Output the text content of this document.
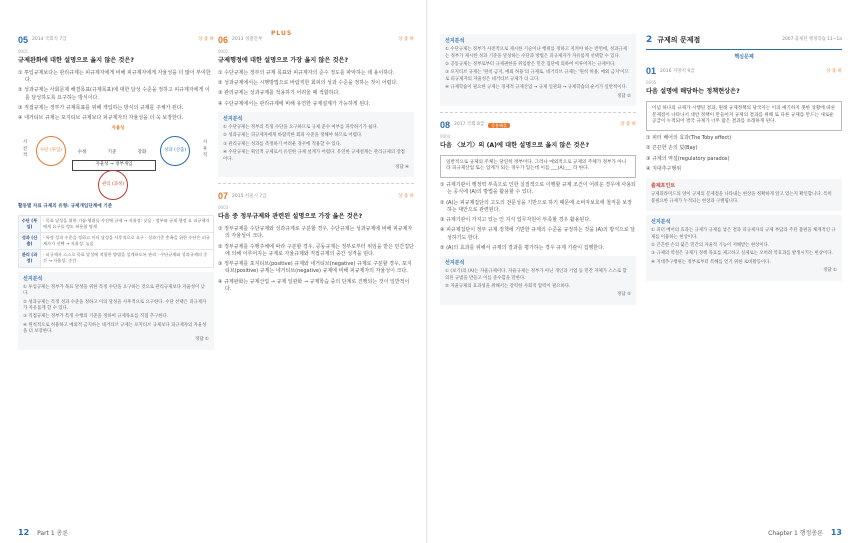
PLUS
05 2014 국회직 7급	상 중 하
0001
규제완화에 대한 설명으로 옳지 않은 것은?
① 투입규제보다는 관리규제는 피규제자에게 비해 피규제자에게 자율성을 더 많이 부여한다.
② 성과규제는 사회문제 해결목표(규제목표)에 대한 달성 수준을 정하고 피규제자에게 이를 달성하도록 요구하는 방식이다.
③ 직접규제는 정부가 규제목표를 위해 개입하는 방식의 규제를 주체가 된다.
④ 네거티브 규제는 포지티브 규제보다 피규제자의 자율성을 더 욱 보장한다.
자율성
사 전 적
사 후 적
수단 (투입)	성과 (산출)
수정	기준	강화
자율성 → 정부개입
관리 (과정)
활동별 자료 규제의 유형: 규제개입단계에 기준
수단 (투입)	· 목표 달성을 위한 기술·행위를 사전에 규제 → 자율성: 낮음 · 정부와 규제 행정 요 피규제자에게 요구를 정도 허용함 명세
성과 (산출)	· 특정 성과 수준을 정하고 이의 달성을 사후적으로 요구 · 성과기준 충족을 위한 수단은 피규제자가 선택 → 자율성: 높음
관리 (과정)	· 피규제자 스스로 목표 달성에 적합한 방법을 설계하도록 관리 · 수단규제와 성과규제의 중간 → 자율성: 중간
선지분석

① 투입규제는 정부가 목표 달성을 위한 특정 수단을 요구하는 것으로 관리규제보다 자율성이 낮다.

② 성과규제는 특정 성과 수준을 정하고 이의 달성을 사후적으로 요구한다. 수단 선택은 피규제자가 자유롭게 할 수 있다.

③ 직접규제는 정부가 특정 수행의 기준을 정하여 규제목표를 직접 추구한다.

④ 원칙적으로 허용하고 예외적 금지하는 네거티브 규제는 포지티브 규제보다 피규제자의 자율성을 더 보장한다.

정답 ①

06 2013 경찰간부	상 중 하
0002
규제행정에 대한 설명으로 가장 옳지 않은 것은?
① 수단규제는 정부의 규제 목표와 피규제자의 준수 정도를 파악하는 데 용이하다.
② 성과규제에서는 시행방법으로 바람직한 회피의 성과 수준을 정하는 것이 어렵다.
③ 관리규제는 성과규제를 적용하기 어려울 때 적합하다.
④ 수단규제에서는 관리규제에 비해 유연한 규제설계가 가능하게 된다.
선지분석

① 수단규제는 정부의 특정 수단을 요구하므로 규제 준수 여부를 파악하기가 쉽다.

② 성과규제는 피규제자에게 바람직한 회피 수준을 정해야 하므로 어렵다.

③ 관리규제는 성과를 측정하기 어려운 경우에 적용할 수 있다.

④ 수단규제는 획일적 규제로서 유연한 규제 설계가 어렵다. 유연한 규제설계는 관리규제의 장점이다.

정답 ④

07 2015 서울시 7급	상 중 하
0003
다음 중 정부규제와 관련된 설명으로 가장 옳은 것은?
① 정부규제를 수단규제와 성과규제로 구분할 경우, 수단규제는 성과규제에 비해 피규제자의 자율성이 크다.
② 정부규제를 수행주체에 따라 구분할 경우, 공동규제는 정부로부터 위임을 받은 민간집단에 의해 이루어지는 규제로 자율규제와 직접규제의 중간 성격을 띤다.
③ 정부규제를 포지티브(positive) 규제와 네거티브(negative) 규제로 구분할 경우, 포지티브(positive) 규제는 네거티브(negative) 규제에 비해 피규제자의 자율성이 크다.
④ 규제완화는 규제산업 → 규제 일관화 → 규제학습 중의 단계로 진행되는 것이 일반적이다.
12 Part 1 총론
선지분석

① 수단규제는 정부가 사전적으로 제시한 기술이나 행위를 정하고 지켜야 하는 반면에, 성과규제는 정부가 제시한 성과 기준을 달성하는 수단과 방법은 피규제자가 자유롭게 선택할 수 있다.

② 공동규제는 정부로부터 규제권한을 위임받은 민간 집단에 의하여 이루어지는 규제이다.

③ 포지티브 규제는 '원칙 금지, 예외 허용'의 규제로, 네거티브 규제는 '원칙 허용, 예외 금지'이므로 피규제자의 자율성은 네거티브 규제가 더 크다.

④ 규제학습이 필요한 규제는 경제적 규제산업 → 규제 일관화 → 규제학습의 순서가 일반적이다.

정답 ②

08 2017 국회 8급	응용해설	상 중 하
0004
다음 〈보기〉의 (A)에 대한 설명으로 옳지 않은 것은?
일반적으로 규제의 주체는 당연히 정부이다. 그러나 예외적으로 규제의 주체가 정부가 아니라 피규제산업 또는 업계가 되는 경우가 있는데 이를 ___(A)___ 라 한다.
① 규제기관이 행정력 부족으로 인한 실질적으로 이행할 규제 조건이 어려운 경우에 사용되는 공식에 (A)의 방법을 활용할 수 있다.
② (A)는 피규제집단의 고도의 전문성을 기반으로 하기 때문에 소비자보호에 철저를 보장하는 대안으로 관련된다.
③ 규제기관이 가지고 있는 인 지식 업무자원이 부족할 경우 활용된다.
④ 피규제집단이 정부 규제 정책에 기반한 규제의 수준을 규정하는 것을 (A)의 방식으로 달성하기도 한다.
⑤ (A)의 효과를 위해서 규제의 결과를 평가하는 경우 규제 기관이 집행한다.
선지분석

① (보기)의 (A)는 자율규제이다. 자율규제는 정부가 아닌 개인과 기업 등 민간 자체가 스스로 합의된 규범을 만들고 이를 준수함을 말한다.

⑤ 자율규제의 효과성을 위해서는 강력한 사회적 압력이 필요하다.

정답 ⑤

2 규제의 문제점	2007 출제된 행정학습 11~1a
핵심문제
01 2016 지방직 9급	상 중 하
0005
다음 설명에 해당하는 정책현상은?
이념 하나의 규제가 시행된 결과, 원래 규제정책의 당국자는 이의 예기하지 못한 상황에 따른 문제점이 나타나서 대안 정책이 만들어져 규제의 결과를 위해 또 다른 규제를 만드는 새로운 공급이 누적되어 결국 규제가 너무 많은 결과를 초래하게 된다.
① 피터 베어의 효과(The Toby effect)
② 끈끈한 손의 덫(Bay)
③ 규제의 역설(regulatory paradox)
④ 지대추구행위
출제포인트

규제피라미드의 양이 규제의 문제점을 나타내는 현상을 정확하게 알고 있는지 확인합니다. 특히 불필요한 규제가 누적되는 현상과 구별됩니다.

선지분석

① 피터 베어의 효과는 규제가 규제를 낳은 결과 피규제자의 규제 부담과 주된 불편을 체계적인 규제를 이용하는 현상이다.

② 끈끈한 손의 덫은 민간의 자율적 기능이 저해받는 현상이다.

③ 규제의 역설은 규제가 정책 목표를 제고하고 실제로는 오히려 역효과를 발생시키는 현상이다.

④ 지대추구행위는 정부로부터 특혜를 얻기 위한 로비활동이다.

정답 ①

Chapter 1 행정총론 13
